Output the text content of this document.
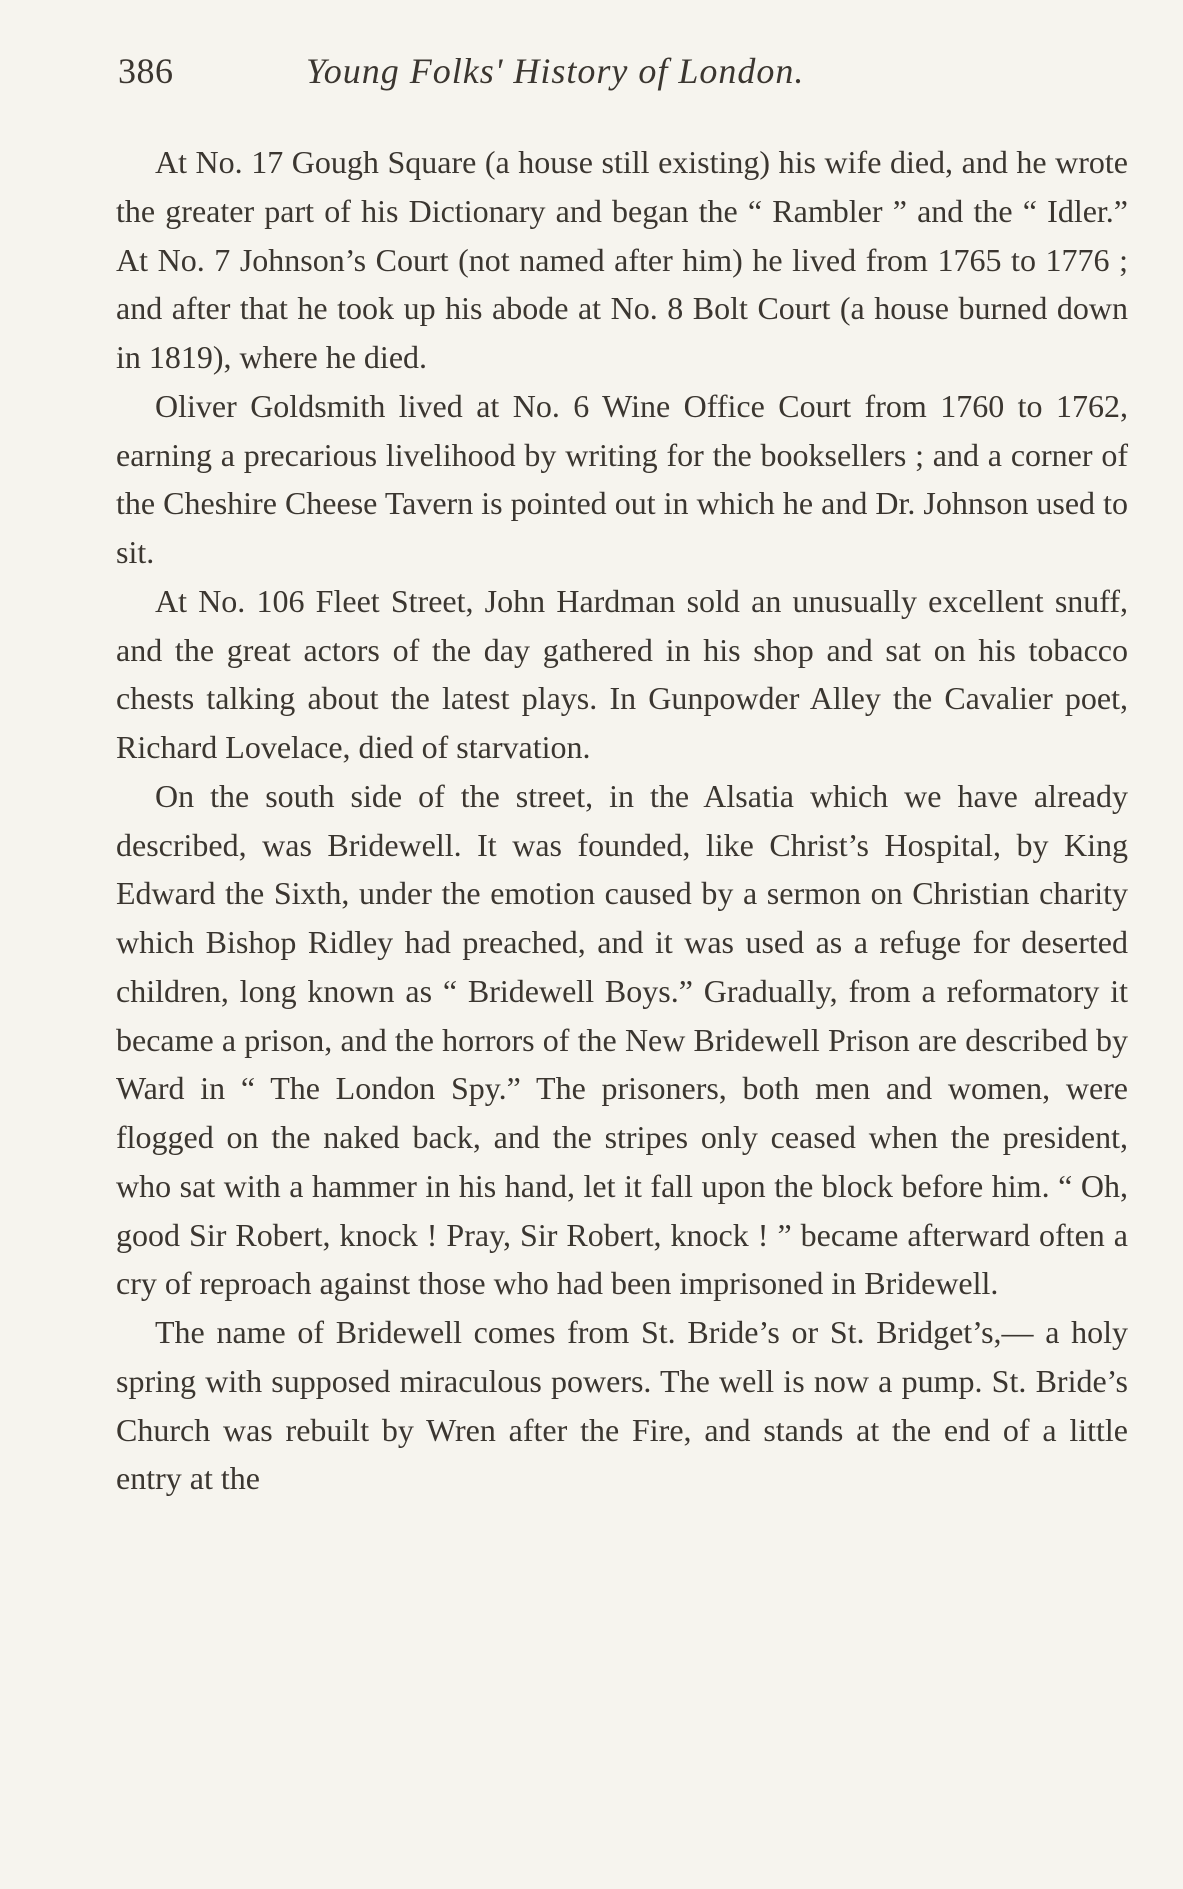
386	Young Folks' History of London.

At No. 17 Gough Square (a house still existing) his wife died, and he wrote the greater part of his Dictionary and began the “ Rambler ” and the “ Idler.” At No. 7 Johnson’s Court (not named after him) he lived from 1765 to 1776 ; and after that he took up his abode at No. 8 Bolt Court (a house burned down in 1819), where he died.

Oliver Goldsmith lived at No. 6 Wine Office Court from 1760 to 1762, earning a precarious livelihood by writing for the booksellers ; and a corner of the Cheshire Cheese Tavern is pointed out in which he and Dr. Johnson used to sit.

At No. 106 Fleet Street, John Hardman sold an unusually excellent snuff, and the great actors of the day gathered in his shop and sat on his tobacco chests talking about the latest plays. In Gunpowder Alley the Cavalier poet, Richard Lovelace, died of starvation.

On the south side of the street, in the Alsatia which we have already described, was Bridewell. It was founded, like Christ’s Hospital, by King Edward the Sixth, under the emotion caused by a sermon on Christian charity which Bishop Ridley had preached, and it was used as a refuge for deserted children, long known as “ Bridewell Boys.” Gradually, from a reformatory it became a prison, and the horrors of the New Bridewell Prison are described by Ward in “ The London Spy.” The prisoners, both men and women, were flogged on the naked back, and the stripes only ceased when the president, who sat with a hammer in his hand, let it fall upon the block before him. “ Oh, good Sir Robert, knock ! Pray, Sir Robert, knock ! ” became afterward often a cry of reproach against those who had been imprisoned in Bridewell.

The name of Bridewell comes from St. Bride’s or St. Bridget’s,— a holy spring with supposed miraculous powers. The well is now a pump. St. Bride’s Church was rebuilt by Wren after the Fire, and stands at the end of a little entry at the
